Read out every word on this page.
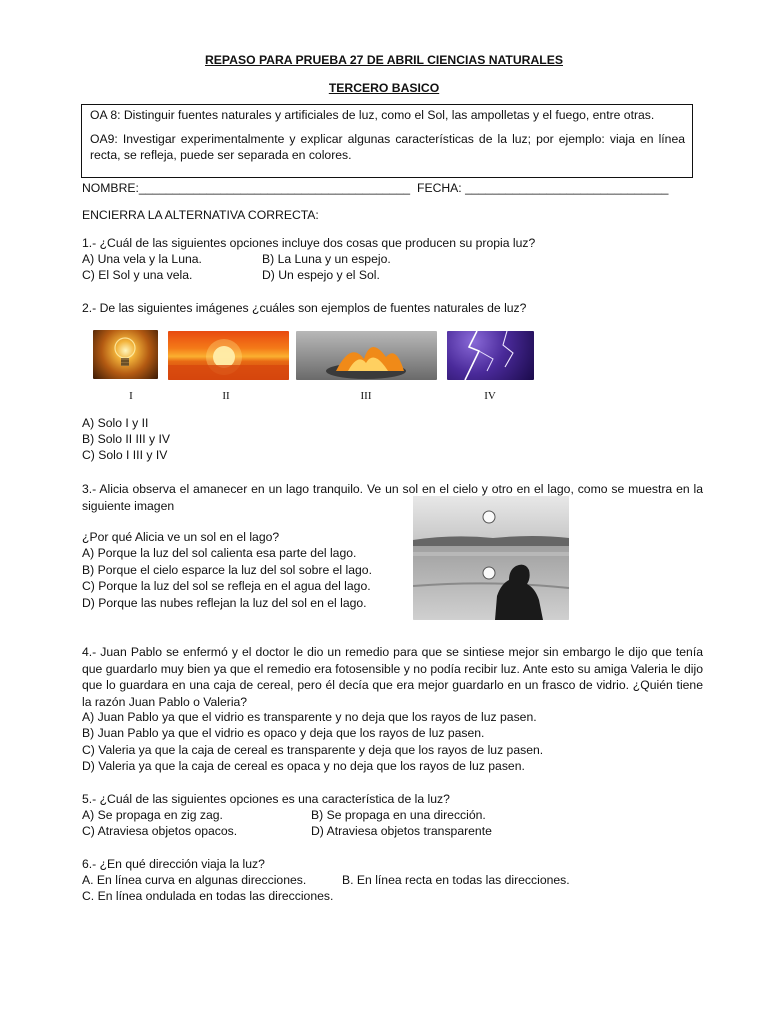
REPASO PARA PRUEBA 27 DE ABRIL CIENCIAS NATURALES
TERCERO BASICO

OA 8: Distinguir fuentes naturales y artificiales de luz, como el Sol, las ampolletas y el fuego, entre otras.

OA9: Investigar experimentalmente y explicar algunas características de la luz; por ejemplo: viaja en línea recta, se refleja, puede ser separada en colores.

NOMBRE:________________________________________ FECHA: ______________________________
ENCIERRA LA ALTERNATIVA CORRECTA:
1.- ¿Cuál de las siguientes opciones incluye dos cosas que producen su propia luz?
A) Una vela y la Luna.	B) La Luna y un espejo.
C) El Sol y una vela.	D) Un espejo y el Sol.
2.- De las siguientes imágenes ¿cuáles son ejemplos de fuentes naturales de luz?
I	II	III	IV
A) Solo I y II
B) Solo II III y IV
C) Solo I III y IV
3.- Alicia observa el amanecer en un lago tranquilo. Ve un sol en el cielo y otro en el lago, como se muestra en la siguiente imagen
¿Por qué Alicia ve un sol en el lago?
A) Porque la luz del sol calienta esa parte del lago.
B) Porque el cielo esparce la luz del sol sobre el lago.
C) Porque la luz del sol se refleja en el agua del lago.
D) Porque las nubes reflejan la luz del sol en el lago.
4.- Juan Pablo se enfermó y el doctor le dio un remedio para que se sintiese mejor sin embargo le dijo que tenía que guardarlo muy bien ya que el remedio era fotosensible y no podía recibir luz. Ante esto su amiga Valeria le dijo que lo guardara en una caja de cereal, pero él decía que era mejor guardarlo en un frasco de vidrio. ¿Quién tiene la razón Juan Pablo o Valeria?
A) Juan Pablo ya que el vidrio es transparente y no deja que los rayos de luz pasen.
B) Juan Pablo ya que el vidrio es opaco y deja que los rayos de luz pasen.
C) Valeria ya que la caja de cereal es transparente y deja que los rayos de luz pasen.
D) Valeria ya que la caja de cereal es opaca y no deja que los rayos de luz pasen.
5.- ¿Cuál de las siguientes opciones es una característica de la luz?
A) Se propaga en zig zag.	B) Se propaga en una dirección.
C) Atraviesa objetos opacos.	D) Atraviesa objetos transparente
6.- ¿En qué dirección viaja la luz?
A. En línea curva en algunas direcciones.	B. En línea recta en todas las direcciones.
C. En línea ondulada en todas las direcciones.
